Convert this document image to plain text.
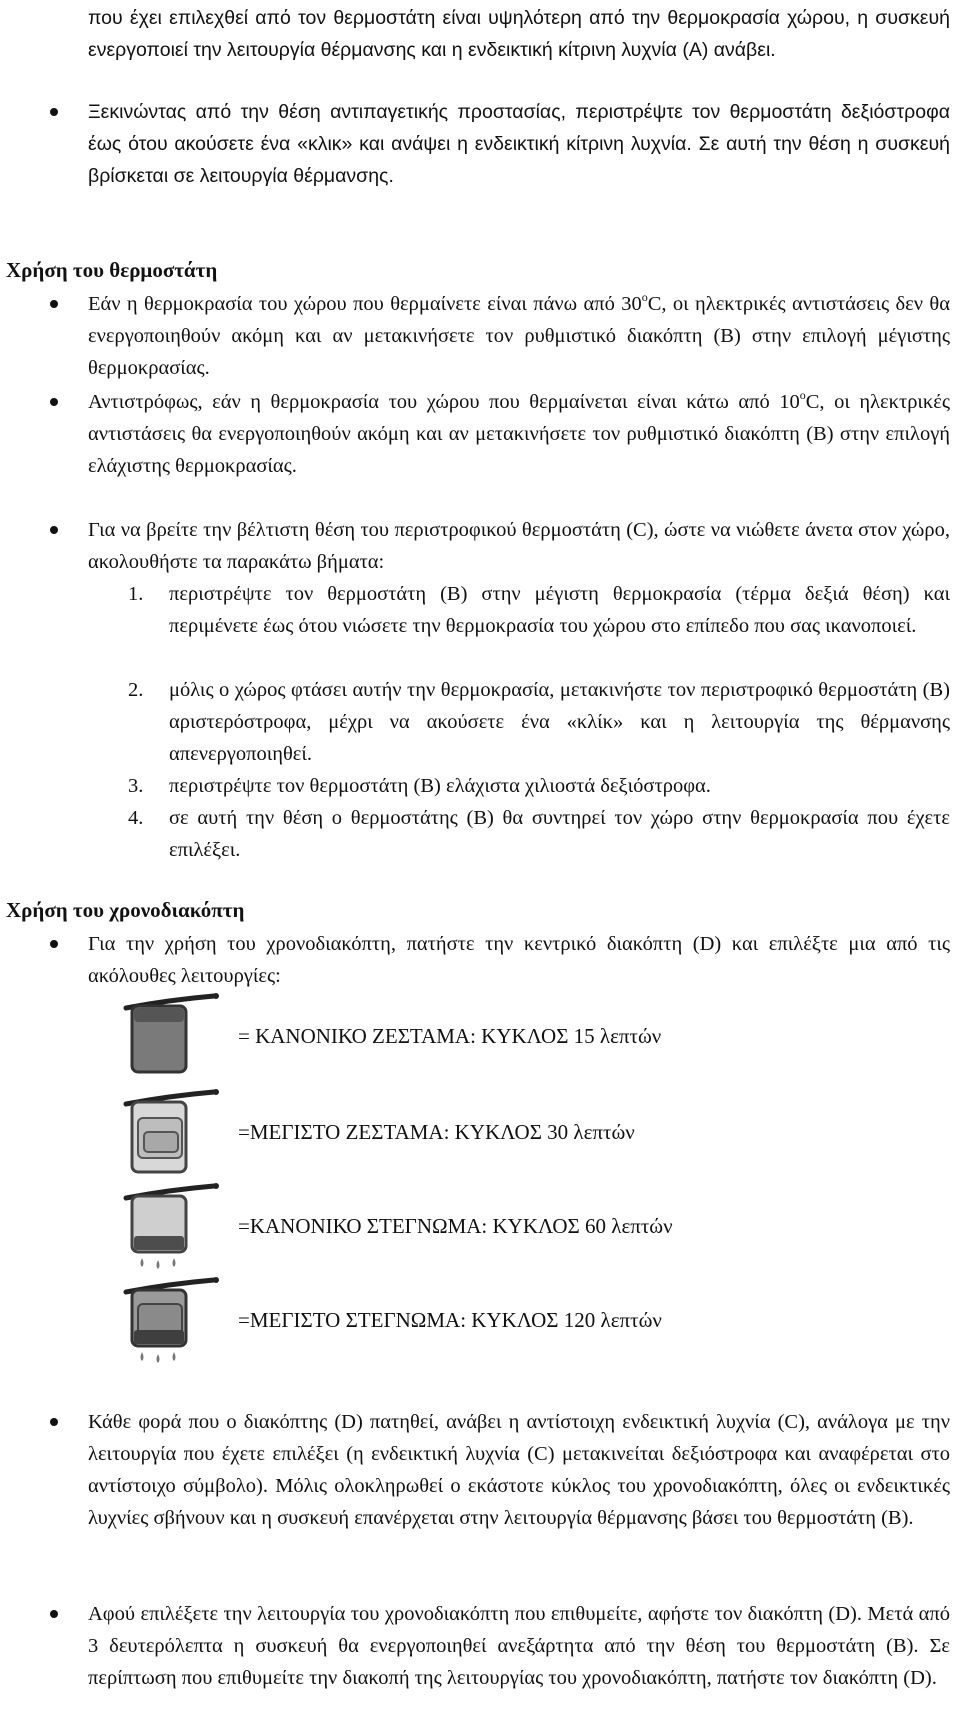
που έχει επιλεχθεί από τον θερμοστάτη είναι υψηλότερη από την θερμοκρασία χώρου, η συσκευή ενεργοποιεί την λειτουργία θέρμανσης και η ενδεικτική κίτρινη λυχνία (Α) ανάβει.

Ξεκινώντας από την θέση αντιπαγετικής προστασίας, περιστρέψτε τον θερμοστάτη δεξιόστροφα έως ότου ακούσετε ένα «κλικ» και ανάψει η ενδεικτική κίτρινη λυχνία. Σε αυτή την θέση η συσκευή βρίσκεται σε λειτουργία θέρμανσης.

Χρήση του θερμοστάτη

Εάν η θερμοκρασία του χώρου που θερμαίνετε είναι πάνω από 30$^o$C, οι ηλεκτρικές αντιστάσεις δεν θα ενεργοποιηθούν ακόμη και αν μετακινήσετε τον ρυθμιστικό διακόπτη (Β) στην επιλογή μέγιστης θερμοκρασίας.

Αντιστρόφως, εάν η θερμοκρασία του χώρου που θερμαίνεται είναι κάτω από 10$^o$C, οι ηλεκτρικές αντιστάσεις θα ενεργοποιηθούν ακόμη και αν μετακινήσετε τον ρυθμιστικό διακόπτη (Β) στην επιλογή ελάχιστης θερμοκρασίας.

Για να βρείτε την βέλτιστη θέση του περιστροφικού θερμοστάτη (C), ώστε να νιώθετε άνετα στον χώρο, ακολουθήστε τα παρακάτω βήματα:

1.	περιστρέψτε τον θερμοστάτη (Β) στην μέγιστη θερμοκρασία (τέρμα δεξιά θέση) και περιμένετε έως ότου νιώσετε την θερμοκρασία του χώρου στο επίπεδο που σας ικανοποιεί.

2.	μόλις ο χώρος φτάσει αυτήν την θερμοκρασία, μετακινήστε τον περιστροφικό θερμοστάτη (Β) αριστερόστροφα, μέχρι να ακούσετε ένα «κλίκ» και η λειτουργία της θέρμανσης απενεργοποιηθεί.

3.	περιστρέψτε τον θερμοστάτη (Β) ελάχιστα χιλιοστά δεξιόστροφα.

4.	σε αυτή την θέση ο θερμοστάτης (Β) θα συντηρεί τον χώρο στην θερμοκρασία που έχετε επιλέξει.

Χρήση του χρονοδιακόπτη

Για την χρήση του χρονοδιακόπτη, πατήστε την κεντρικό διακόπτη (D) και επιλέξτε μια από τις ακόλουθες λειτουργίες:

= ΚΑΝΟΝΙΚΟ ΖΕΣΤΑΜΑ: ΚΥΚΛΟΣ 15 λεπτών
=ΜΕΓΙΣΤΟ ΖΕΣΤΑΜΑ: ΚΥΚΛΟΣ 30 λεπτών
=ΚΑΝΟΝΙΚΟ ΣΤΕΓΝΩΜΑ: ΚΥΚΛΟΣ 60 λεπτών
=ΜΕΓΙΣΤΟ ΣΤΕΓΝΩΜΑ: ΚΥΚΛΟΣ 120 λεπτών

Κάθε φορά που ο διακόπτης (D) πατηθεί, ανάβει η αντίστοιχη ενδεικτική λυχνία (C), ανάλογα με την λειτουργία που έχετε επιλέξει (η ενδεικτική λυχνία (C) μετακινείται δεξιόστροφα και αναφέρεται στο αντίστοιχο σύμβολο). Μόλις ολοκληρωθεί ο εκάστοτε κύκλος του χρονοδιακόπτη, όλες οι ενδεικτικές λυχνίες σβήνουν και η συσκευή επανέρχεται στην λειτουργία θέρμανσης βάσει του θερμοστάτη (Β).

Αφού επιλέξετε την λειτουργία του χρονοδιακόπτη που επιθυμείτε, αφήστε τον διακόπτη (D). Μετά από 3 δευτερόλεπτα η συσκευή θα ενεργοποιηθεί ανεξάρτητα από την θέση του θερμοστάτη (Β). Σε περίπτωση που επιθυμείτε την διακοπή της λειτουργίας του χρονοδιακόπτη, πατήστε τον διακόπτη (D).
